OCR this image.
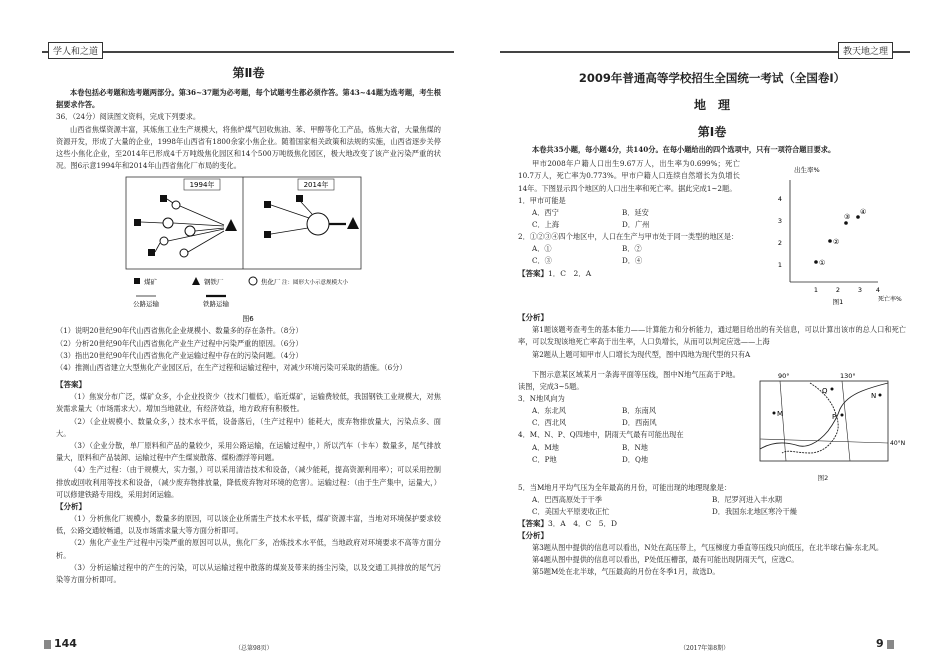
学人和之道	教天地之理
第Ⅱ卷

本卷包括必考题和选考题两部分。第36~37题为必考题，每个试题考生都必须作答。第43~44题为选考题，考生根据要求作答。

36．（24分）阅读图文资料，完成下列要求。

山西省焦煤资源丰富，其炼焦工业生产规模大，将焦炉煤气回收焦油、苯、甲醇等化工产品，炼焦大省，大量焦煤的资源开发，形成了大量的企业，1998年山西省有1800余家小焦企业。随着国家相关政策和法规的实施，山西省逐步关停这些小焦化企业，至2014年已形成4千万吨级焦化园区和14个500万吨级焦化园区，极大地改变了该产业污染严重的状况。图6示意1994年和2014年山西省焦化厂布局的变化。

1994年	2014年
煤矿	钢铁厂	焦化厂 注：圆形大小示意规模大小
公路运输	铁路运输
图6

（1）说明20世纪90年代山西省焦化企业规模小、数量多的存在条件。（8分）

（2）分析20世纪90年代山西省焦化产业生产过程中污染严重的原因。（6分）

（3）指出20世纪90年代山西省焦化产业运输过程中存在的污染问题。（4分）

（4）推测山西省建立大型焦化产业园区后，在生产过程和运输过程中，对减少环境污染可采取的措施。（6分）

【答案】

（1）焦炭分布广泛，煤矿众多，小企业投资少（技术门槛低），临近煤矿，运输费较低，我国钢铁工业规模大，对焦炭需求量大（市场需求大）。增加当地就业，有经济效益，地方政府有积极性。

（2）（企业规模小、数量众多，）技术水平低，设备落后，（生产过程中）能耗大，废弃物排放量大，污染点多、面大。

（3）（企业分散，单厂原料和产品的量较少，采用公路运输，在运输过程中，）所以汽车（卡车）数量多，尾气排放量大，原料和产品装卸、运输过程中产生煤炭散落、煤粉漂浮等问题。

（4）生产过程：（由于规模大，实力强，）可以采用清洁技术和设备，（减少能耗，提高资源利用率）；可以采用控制排放或回收利用等技术和设备，（减少废弃物排放量，降低废弃物对环境的危害）。运输过程：（由于生产集中，运量大，）可以修建铁路专用线，采用封闭运输。

【分析】

（1）分析焦化厂规模小，数量多的原因，可以该企业所需生产技术水平低，煤矿资源丰富，当地对环境保护要求较低，公路交通较畅通，以及市场需求量大等方面分析即可。

（2）焦化产业生产过程中污染严重的原因可以从，焦化厂多，冶炼技术水平低，当地政府对环境要求不高等方面分析。

（3）分析运输过程中的产生的污染，可以从运输过程中散落的煤炭及带来的扬尘污染，以及交通工具排放的尾气污染等方面分析即可。

144	（总第98页）
2009年普通高等学校招生全国统一考试（全国卷Ⅰ）
地　理
第Ⅰ卷

本卷共35小题，每小题4分，共140分。在每小题给出的四个选项中，只有一项符合题目要求。

甲市2008年户籍人口出生9.67万人，出生率为0.699%；死亡10.7万人，死亡率为0.773%。甲市户籍人口连续自然增长为负增长14年。下图显示四个地区的人口出生率和死亡率。据此完成1~2题。

1．甲市可能是

A．西宁	B．延安
C．上海	D．广州

2．①②③④四个地区中，人口在生产与甲市处于同一类型的地区是：

A．①	B．②
C．③	D．④

【答案】1．C　2．A

出生率%
4
3
2
1
1	2	3 4
死亡率%
图1
①
②
③
④

【分析】

第1题该题考查考生的基本能力——计算能力和分析能力，通过题目给出的有关信息，可以计算出该市的总人口和死亡率，可以发现该地死亡率高于出生率，人口负增长，从而可以判定应选——上海

第2题从上题可知甲市人口增长为现代型，图中四地为现代型的只有A

下图示意某区域某月一条海平面等压线，图中N地气压高于P地。读图，完成3~5题。

3．N地风向为

A．东北风	B．东南风
C．西北风	D．西南风

4．M、N、P、Q四地中，阴雨天气最有可能出现在

A．M地	B．N地
C．P地	D．Q地
90°	130°
40°N
M
N
P
Q
图2

5．当M地月平均气压为全年最高的月份，可能出现的地理现象是：

A．巴西高原处于干季	B．尼罗河进入丰水期
C．美国大平原麦收正忙	D．我国东北地区寒冷干燥

【答案】3．A　4．C　5．D

【分析】

第3题从图中提供的信息可以看出，N处在高压带上，气压梯度力垂直等压线只向低压，在北半球右偏-东北风。

第4题从图中提供的信息可以看出，P处低压槽部，最有可能出现阴雨天气，应选C。

第5题M处在北半球，气压最高的月份在冬季1月，故选D。

（2017年第8期）	9
